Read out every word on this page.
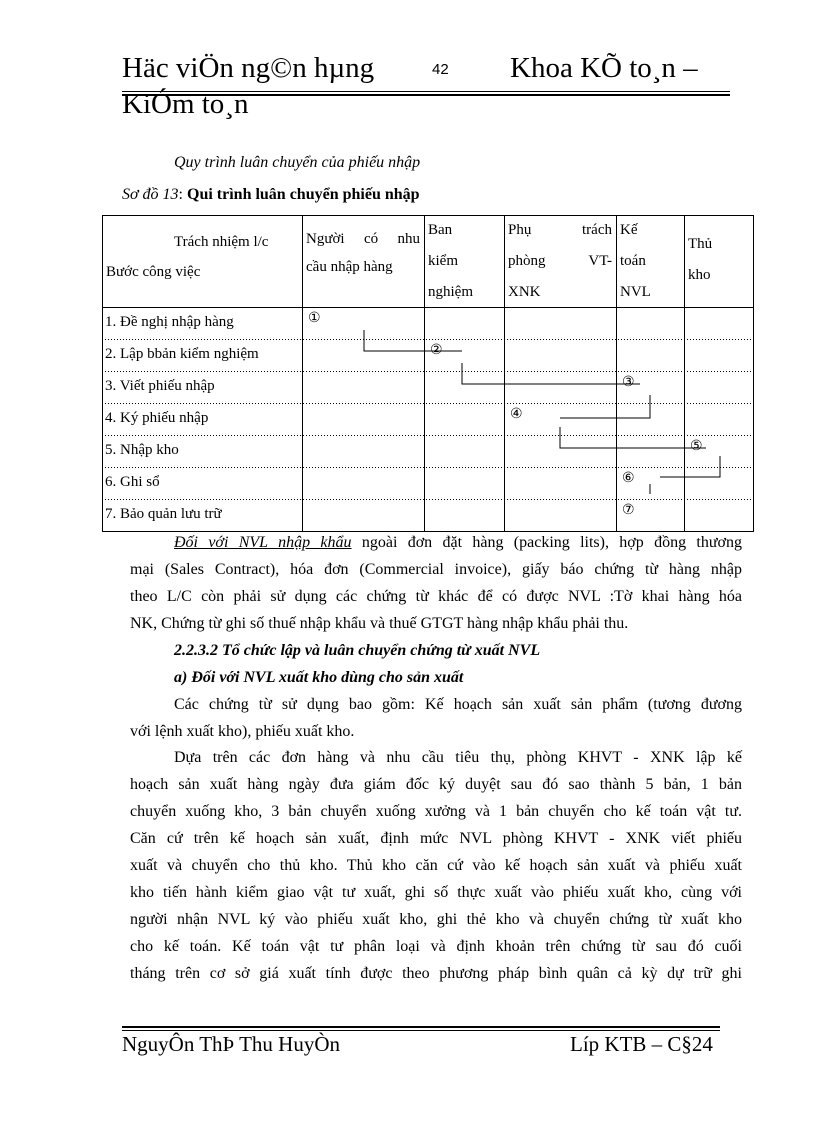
Häc viÖn ng©n hµng	42 Khoa KÕ to¸n –
KiÓm to¸n
Quy trình luân chuyển của phiếu nhập
Sơ đồ 13: Qui trình luân chuyển phiếu nhập
Trách nhiệm l/c
Bước công việc
Người có nhu
cầu nhập hàng
Ban
kiểm
nghiệm
Phụ trách
phòng VT-
XNK
Kế
toán
NVL
Thủ
kho
1. Đề nghị nhập hàng
2. Lập bbản kiểm nghiệm
3. Viết phiếu nhập
4. Ký phiếu nhập
5. Nhập kho
6. Ghi sổ
7. Bảo quản lưu trữ
①
②
③
④
⑤
⑥
⑦
Đối với NVL nhập khẩu ngoài đơn đặt hàng (packing lits), hợp đồng thương
mại (Sales Contract), hóa đơn (Commercial invoice), giấy báo chứng từ hàng nhập
theo L/C còn phải sử dụng các chứng từ khác để có được NVL :Tờ khai hàng hóa
NK, Chứng từ ghi số thuế nhập khẩu và thuế GTGT hàng nhập khẩu phải thu.
2.2.3.2 Tổ chức lập và luân chuyển chứng từ xuất NVL
a) Đối với NVL xuất kho dùng cho sản xuất
Các chứng từ sử dụng bao gồm: Kế hoạch sản xuất sản phẩm (tương đương
với lệnh xuất kho), phiếu xuất kho.
Dựa trên các đơn hàng và nhu cầu tiêu thụ, phòng KHVT - XNK lập kế
hoạch sản xuất hàng ngày đưa giám đốc ký duyệt sau đó sao thành 5 bản, 1 bản
chuyển xuống kho, 3 bản chuyển xuống xưởng và 1 bản chuyển cho kế toán vật tư.
Căn cứ trên kế hoạch sản xuất, định mức NVL phòng KHVT - XNK viết phiếu
xuất và chuyển cho thủ kho. Thủ kho căn cứ vào kế hoạch sản xuất và phiếu xuất
kho tiến hành kiểm giao vật tư xuất, ghi số thực xuất vào phiếu xuất kho, cùng với
người nhận NVL ký vào phiếu xuất kho, ghi thẻ kho và chuyển chứng từ xuất kho
cho kế toán. Kế toán vật tư phân loại và định khoản trên chứng từ sau đó cuối
tháng trên cơ sở giá xuất tính được theo phương pháp bình quân cả kỳ dự trữ ghi
NguyÔn ThÞ Thu HuyÒn	Líp KTB – C§24
